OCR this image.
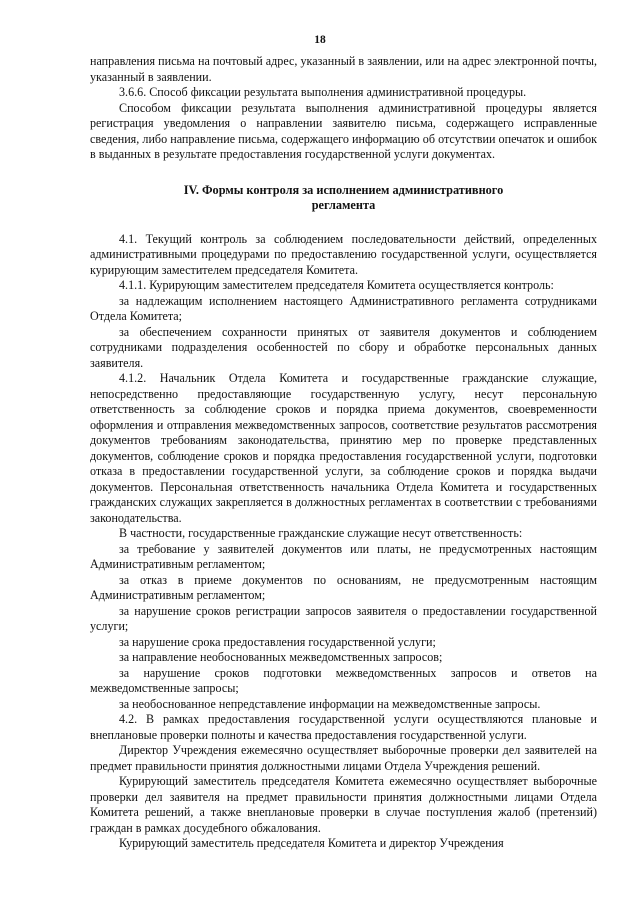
18

направления письма на почтовый адрес, указанный в заявлении, или на адрес электронной почты, указанный в заявлении.

3.6.6. Способ фиксации результата выполнения административной процедуры.

Способом фиксации результата выполнения административной процедуры является регистрация уведомления о направлении заявителю письма, содержащего исправленные сведения, либо направление письма, содержащего информацию об отсутствии опечаток и ошибок в выданных в результате предоставления государственной услуги документах.

IV. Формы контроля за исполнением административного
регламента

4.1. Текущий контроль за соблюдением последовательности действий, определенных административными процедурами по предоставлению государственной услуги, осуществляется курирующим заместителем председателя Комитета.

4.1.1. Курирующим заместителем председателя Комитета осуществляется контроль:

за надлежащим исполнением настоящего Административного регламента сотрудниками Отдела Комитета;

за обеспечением сохранности принятых от заявителя документов и соблюдением сотрудниками подразделения особенностей по сбору и обработке персональных данных заявителя.

4.1.2. Начальник Отдела Комитета и государственные гражданские служащие, непосредственно предоставляющие государственную услугу, несут персональную ответственность за соблюдение сроков и порядка приема документов, своевременности оформления и отправления межведомственных запросов, соответствие результатов рассмотрения документов требованиям законодательства, принятию мер по проверке представленных документов, соблюдение сроков и порядка предоставления государственной услуги, подготовки отказа в предоставлении государственной услуги, за соблюдение сроков и порядка выдачи документов. Персональная ответственность начальника Отдела Комитета и государственных гражданских служащих закрепляется в должностных регламентах в соответствии с требованиями законодательства.

В частности, государственные гражданские служащие несут ответственность:

за требование у заявителей документов или платы, не предусмотренных настоящим Административным регламентом;

за отказ в приеме документов по основаниям, не предусмотренным настоящим Административным регламентом;

за нарушение сроков регистрации запросов заявителя о предоставлении государственной услуги;

за нарушение срока предоставления государственной услуги;

за направление необоснованных межведомственных запросов;

за нарушение сроков подготовки межведомственных запросов и ответов на межведомственные запросы;

за необоснованное непредставление информации на межведомственные запросы.

4.2. В рамках предоставления государственной услуги осуществляются плановые и внеплановые проверки полноты и качества предоставления государственной услуги.

Директор Учреждения ежемесячно осуществляет выборочные проверки дел заявителей на предмет правильности принятия должностными лицами Отдела Учреждения решений.

Курирующий заместитель председателя Комитета ежемесячно осуществляет выборочные проверки дел заявителя на предмет правильности принятия должностными лицами Отдела Комитета решений, а также внеплановые проверки в случае поступления жалоб (претензий) граждан в рамках досудебного обжалования.

Курирующий заместитель председателя Комитета и директор Учреждения
